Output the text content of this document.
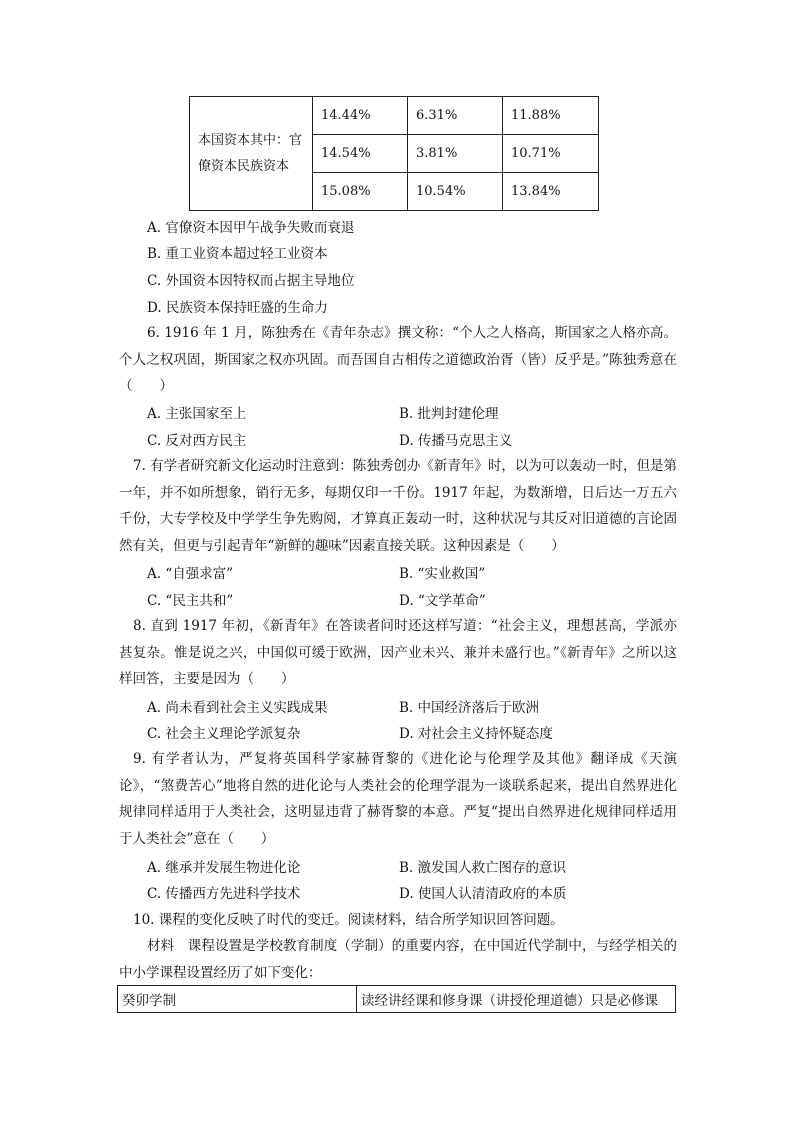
本国资本其中：官僚资本民族资本	14.44%	6.31%	11.88%
	14.54%	3.81%	10.71%
	15.08%	10.54%	13.84%
A. 官僚资本因甲午战争失败而衰退
B. 重工业资本超过轻工业资本
C. 外国资本因特权而占据主导地位
D. 民族资本保持旺盛的生命力
6. 1916 年 1 月，陈独秀在《青年杂志》撰文称：“个人之人格高，斯国家之人格亦高。个人之权巩固，斯国家之权亦巩固。而吾国自古相传之道德政治胥（皆）反乎是。”陈独秀意在（　　）
A. 主张国家至上	B. 批判封建伦理
C. 反对西方民主	D. 传播马克思主义
7. 有学者研究新文化运动时注意到：陈独秀创办《新青年》时，以为可以轰动一时，但是第一年，并不如所想象，销行无多，每期仅印一千份。1917 年起，为数渐增，日后达一万五六千份，大专学校及中学学生争先购阅，才算真正轰动一时，这种状况与其反对旧道德的言论固然有关，但更与引起青年“新鲜的趣味”因素直接关联。这种因素是（　　）
A. “自强求富”	B. “实业救国”
C. “民主共和”	D. “文学革命”
8. 直到 1917 年初，《新青年》在答读者问时还这样写道：“社会主义，理想甚高，学派亦甚复杂。惟是说之兴，中国似可缓于欧洲，因产业未兴、兼并未盛行也。”《新青年》之所以这样回答，主要是因为（　　）
A. 尚未看到社会主义实践成果	B. 中国经济落后于欧洲
C. 社会主义理论学派复杂	D. 对社会主义持怀疑态度
9. 有学者认为，严复将英国科学家赫胥黎的《进化论与伦理学及其他》翻译成《天演论》，“煞费苦心”地将自然的进化论与人类社会的伦理学混为一谈联系起来，提出自然界进化规律同样适用于人类社会，这明显违背了赫胥黎的本意。严复“提出自然界进化规律同样适用于人类社会”意在（　　）
A. 继承并发展生物进化论	B. 激发国人救亡图存的意识
C. 传播西方先进科学技术	D. 使国人认清清政府的本质
10. 课程的变化反映了时代的变迁。阅读材料，结合所学知识回答问题。
材料　课程设置是学校教育制度（学制）的重要内容，在中国近代学制中，与经学相关的中小学课程设置经历了如下变化：
癸卯学制	读经讲经课和修身课（讲授伦理道德）只是必修课
